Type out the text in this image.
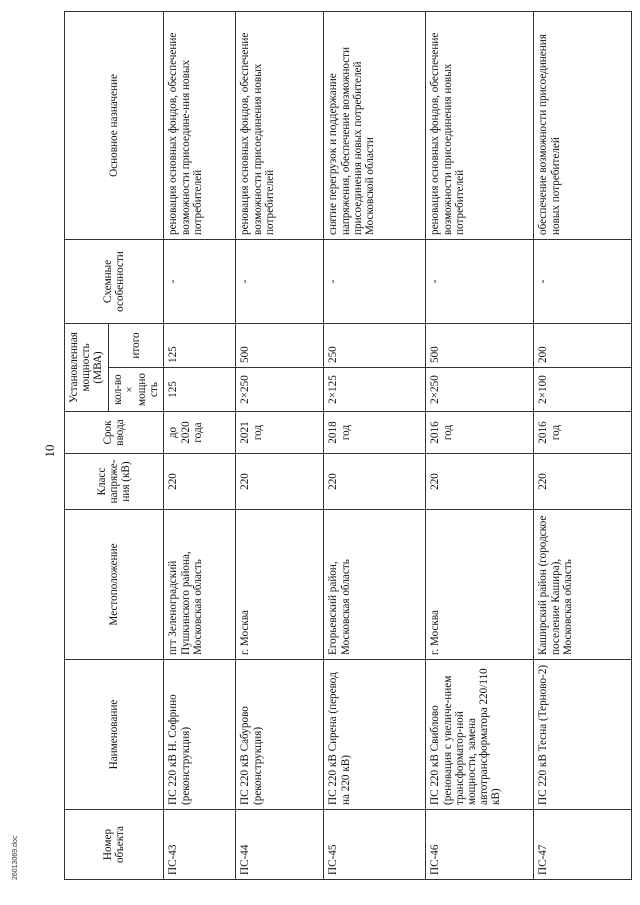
10
Номер объекта	Наименование	Местоположение	Класс напряже-ния (кВ)	Срок ввода	Установленная мощность (МВА)		Схемные особенности	Основное назначение
					кол-во × мощность	итого		
ПС-43	ПС 220 кВ Н. Софрино (реконструкция)	пгт Зеленоградский Пушкинского района, Московская область	220	до 2020 года	125	125	-	реновация основных фондов, обеспечение возможности присоедине-ния новых потребителей
ПС-44	ПС 220 кВ Сабурово (реконструкция)	г. Москва	220	2021 год	2×250	500	-	реновация основных фондов, обеспечение возможности присоединения новых потребителей
ПС-45	ПС 220 кВ Сирена (перевод на 220 кВ)	Егорьевский район, Московская область	220	2018 год	2×125	250	-	снятие перегрузок и поддержание напряжения, обеспечение возможности присоединения новых потребителей Московской области
ПС-46	ПС 220 кВ Свиблово (реновация с увеличе-нием трансформатор-ной мощности, замена автотрансформатора 220/110 кВ)	г. Москва	220	2016 год	2×250	500	-	реновация основных фондов, обеспечение возможности присоединения новых потребителей
ПС-47	ПС 220 кВ Тесна (Терново-2)	Каширский район (городское поселение Кашира), Московская область	220	2016 год	2×100	200	-	обеспечение возможности присоединения новых потребителей
26013069.doc
